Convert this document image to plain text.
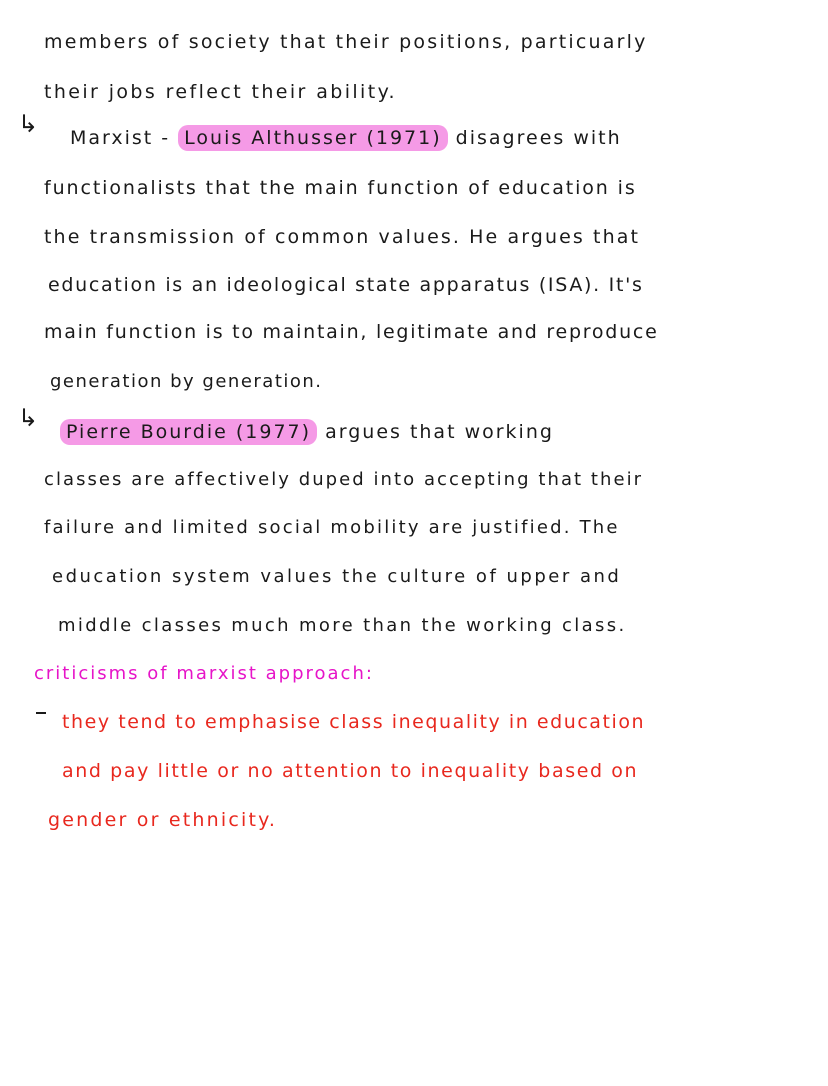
members of society that their positions, particuarly
their jobs reflect their ability.
↳ Marxist - Louis Althusser (1971) disagrees with
functionalists that the main function of education is
the transmission of common values. He argues that
education is an ideological state apparatus (ISA). It's
main function is to maintain, legitimate and reproduce
generation by generation.
↳	Pierre Bourdie (1977) argues that working
classes are affectively duped into accepting that their
failure and limited social mobility are justified. The
education system values the culture of upper and
middle classes much more than the working class.
criticisms of marxist approach:
they tend to emphasise class inequality in education
and pay little or no attention to inequality based on
gender or ethnicity.
